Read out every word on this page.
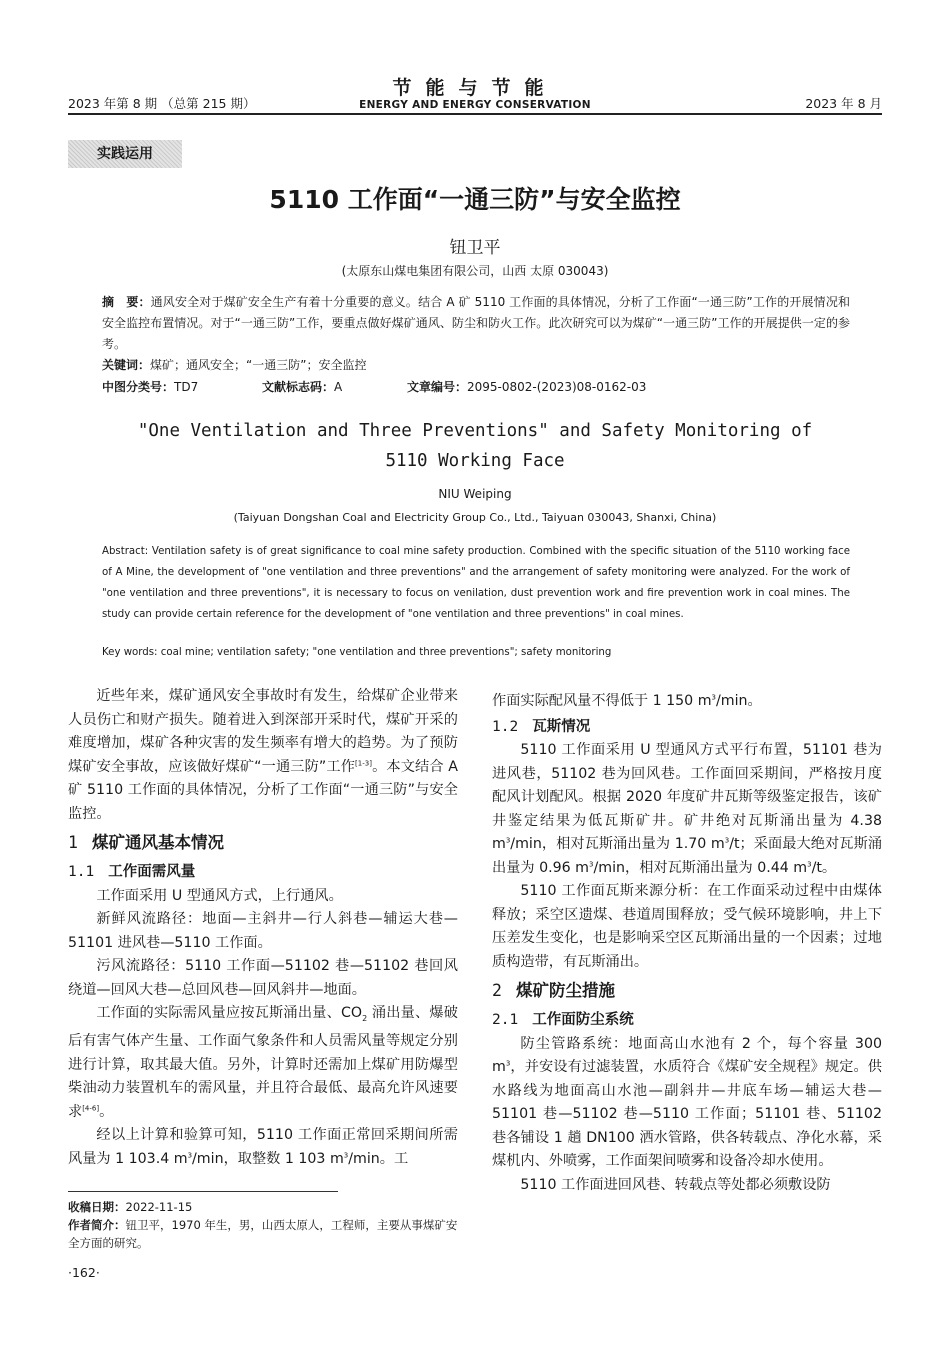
2023 年第 8 期 （总第 215 期）
节能与节能
ENERGY AND ENERGY CONSERVATION	2023 年 8 月
实践运用
5110 工作面“一通三防”与安全监控
钮卫平
(太原东山煤电集团有限公司，山西 太原 030043)
摘　要：通风安全对于煤矿安全生产有着十分重要的意义。结合 A 矿 5110 工作面的具体情况，分析了工作面“一通三防”工作的开展情况和安全监控布置情况。对于“一通三防”工作，要重点做好煤矿通风、防尘和防火工作。此次研究可以为煤矿“一通三防”工作的开展提供一定的参考。
关键词：煤矿；通风安全；“一通三防”；安全监控
中图分类号：TD7	文献标志码：A	文章编号：2095-0802-(2023)08-0162-03
"One Ventilation and Three Preventions" and Safety Monitoring of
5110 Working Face
NIU Weiping
(Taiyuan Dongshan Coal and Electricity Group Co., Ltd., Taiyuan 030043, Shanxi, China)
Abstract: Ventilation safety is of great significance to coal mine safety production. Combined with the specific situation of the 5110 working face of A Mine, the development of "one ventilation and three preventions" and the arrangement of safety monitoring were analyzed. For the work of "one ventilation and three preventions", it is necessary to focus on venilation, dust prevention work and fire prevention work in coal mines. The study can provide certain reference for the development of "one ventilation and three preventions" in coal mines.
Key words: coal mine; ventilation safety; "one ventilation and three preventions"; safety monitoring

近些年来，煤矿通风安全事故时有发生，给煤矿企业带来人员伤亡和财产损失。随着进入到深部开采时代，煤矿开采的难度增加，煤矿各种灾害的发生频率有增大的趋势。为了预防煤矿安全事故，应该做好煤矿“一通三防”工作[1-3]。本文结合 A 矿 5110 工作面的具体情况，分析了工作面“一通三防”与安全监控。

1 煤矿通风基本情况
1.1 工作面需风量

工作面采用 U 型通风方式，上行通风。

新鲜风流路径：地面—主斜井—行人斜巷—辅运大巷—51101 进风巷—5110 工作面。

污风流路径：5110 工作面—51102 巷—51102 巷回风绕道—回风大巷—总回风巷—回风斜井—地面。

工作面的实际需风量应按瓦斯涌出量、$CO_2$ 涌出量、爆破后有害气体产生量、工作面气象条件和人员需风量等规定分别进行计算，取其最大值。另外，计算时还需加上煤矿用防爆型柴油动力装置机车的需风量，并且符合最低、最高允许风速要求[4-6]。

经以上计算和验算可知，5110 工作面正常回采期间所需风量为 1 103.4 $m^3/\min$，取整数 1 103 $m^3/\min$。工

作面实际配风量不得低于 1 150 $m^3/\min$。

1.2 瓦斯情况

5110 工作面采用 U 型通风方式平行布置，51101 巷为进风巷，51102 巷为回风巷。工作面回采期间，严格按月度配风计划配风。根据 2020 年度矿井瓦斯等级鉴定报告，该矿井鉴定结果为低瓦斯矿井。矿井绝对瓦斯涌出量为 4.38 $m^3/\min$，相对瓦斯涌出量为 1.70 $m^3/t$；采面最大绝对瓦斯涌出量为 0.96 $m^3/\min$，相对瓦斯涌出量为 0.44 $m^3/t$。

5110 工作面瓦斯来源分析：在工作面采动过程中由煤体释放；采空区遗煤、巷道周围释放；受气候环境影响，井上下压差发生变化，也是影响采空区瓦斯涌出量的一个因素；过地质构造带，有瓦斯涌出。

2 煤矿防尘措施
2.1 工作面防尘系统

防尘管路系统：地面高山水池有 2 个，每个容量 300 $m^3$，并安设有过滤装置，水质符合《煤矿安全规程》规定。供水路线为地面高山水池—副斜井—井底车场—辅运大巷—51101 巷—51102 巷—5110 工作面；51101 巷、51102 巷各铺设 1 趟 DN100 洒水管路，供各转载点、净化水幕，采煤机内、外喷雾，工作面架间喷雾和设备冷却水使用。

5110 工作面进回风巷、转载点等处都必须敷设防

收稿日期：2022-11-15
作者简介：钮卫平，1970 年生，男，山西太原人，工程师，主要从事煤矿安全方面的研究。
·162·
